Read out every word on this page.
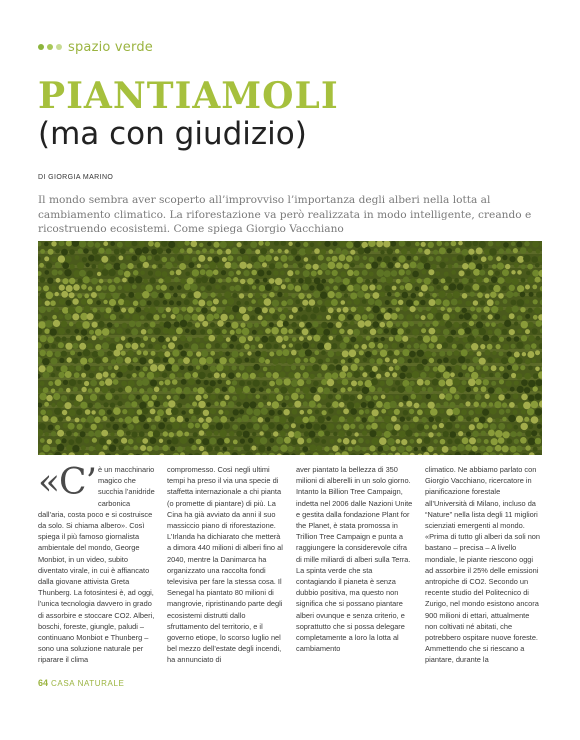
spazio verde
PIANTIAMOLI
(ma con giudizio)
DI GIORGIA MARINO

Il mondo sembra aver scoperto all’improvviso l’importanza degli alberi nella lotta al cambiamento climatico. La riforestazione va però realizzata in modo intelligente, creando e ricostruendo ecosistemi. Come spiega Giorgio Vacchiano

«C’ è un macchinario magico che succhia l’anidride carbonica dall’aria, costa poco e si costruisce da solo. Si chiama albero». Così spiega il più famoso giornalista ambientale del mondo, George Monbiot, in un video, subito diventato virale, in cui è affiancato dalla giovane attivista Greta Thunberg. La fotosintesi è, ad oggi, l’unica tecnologia davvero in grado di assorbire e stoccare CO2. Alberi, boschi, foreste, giungle, paludi – continuano Monbiot e Thunberg – sono una soluzione naturale per riparare il clima

compromesso. Così negli ultimi tempi ha preso il via una specie di staffetta internazionale a chi pianta (o promette di piantare) di più. La Cina ha già avviato da anni il suo massiccio piano di riforestazione. L’Irlanda ha dichiarato che metterà a dimora 440 milioni di alberi fino al 2040, mentre la Danimarca ha organizzato una raccolta fondi televisiva per fare la stessa cosa. Il Senegal ha piantato 80 milioni di mangrovie, ripristinando parte degli ecosistemi distrutti dallo sfruttamento del territorio, e il governo etiope, lo scorso luglio nel bel mezzo dell’estate degli incendi, ha annunciato di

aver piantato la bellezza di 350 milioni di alberelli in un solo giorno. Intanto la Billion Tree Campaign, indetta nel 2006 dalle Nazioni Unite e gestita dalla fondazione Plant for the Planet, è stata promossa in Trillion Tree Campaign e punta a raggiungere la considerevole cifra di mille miliardi di alberi sulla Terra. La spinta verde che sta contagiando il pianeta è senza dubbio positiva, ma questo non significa che si possano piantare alberi ovunque e senza criterio, e soprattutto che si possa delegare completamente a loro la lotta al cambiamento

climatico. Ne abbiamo parlato con Giorgio Vacchiano, ricercatore in pianificazione forestale all’Università di Milano, incluso da “Nature” nella lista degli 11 migliori scienziati emergenti al mondo. «Prima di tutto gli alberi da soli non bastano – precisa – A livello mondiale, le piante riescono oggi ad assorbire il 25% delle emissioni antropiche di CO2. Secondo un recente studio del Politecnico di Zurigo, nel mondo esistono ancora 900 milioni di ettari, attualmente non coltivati né abitati, che potrebbero ospitare nuove foreste. Ammettendo che si riescano a piantare, durante la

64 CASA NATURALE
